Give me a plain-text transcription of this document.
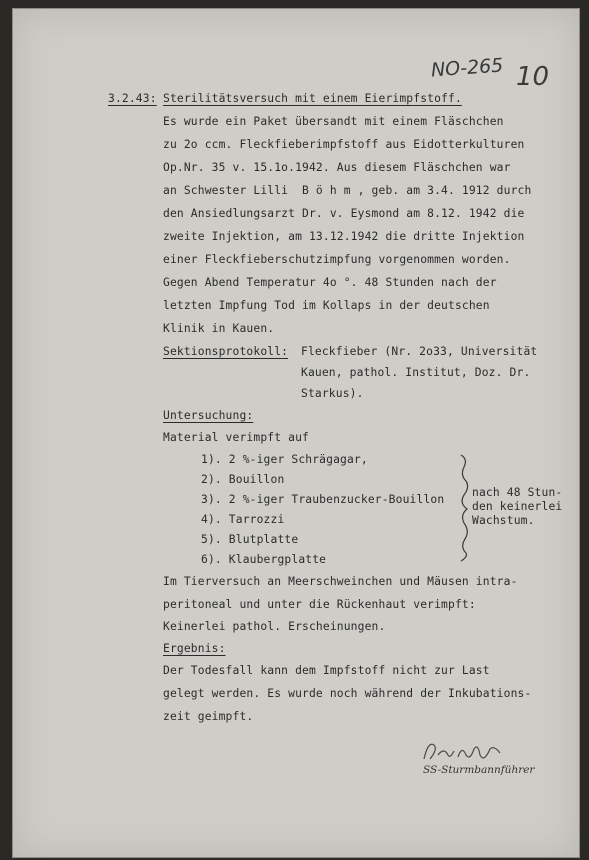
NO-265 10
3.2.43: Sterilitätsversuch mit einem Eierimpfstoff.
Es wurde ein Paket übersandt mit einem Fläschchen
zu 2o ccm. Fleckfieberimpfstoff aus Eidotterkulturen
Op.Nr. 35 v. 15.1o.1942. Aus diesem Fläschchen war
an Schwester Lilli  B ö h m , geb. am 3.4. 1912 durch
den Ansiedlungsarzt Dr. v. Eysmond am 8.12. 1942 die
zweite Injektion, am 13.12.1942 die dritte Injektion
einer Fleckfieberschutzimpfung vorgenommen worden.
Gegen Abend Temperatur 4o °. 48 Stunden nach der
letzten Impfung Tod im Kollaps in der deutschen
Klinik in Kauen.
Sektionsprotokoll: Fleckfieber (Nr. 2o33, Universität
Kauen, pathol. Institut, Doz. Dr.
Starkus).
Untersuchung:
Material verimpft auf
1). 2 %-iger Schrägagar,
2). Bouillon
3). 2 %-iger Traubenzucker-Bouillon
4). Tarrozzi
5). Blutplatte
6). Klaubergplatte
nach 48 Stun-
den keinerlei
Wachstum.
Im Tierversuch an Meerschweinchen und Mäusen intra-
peritoneal und unter die Rückenhaut verimpft:
Keinerlei pathol. Erscheinungen.
Ergebnis:
Der Todesfall kann dem Impfstoff nicht zur Last
gelegt werden. Es wurde noch während der Inkubations-
zeit geimpft.
SS-Sturmbannführer
